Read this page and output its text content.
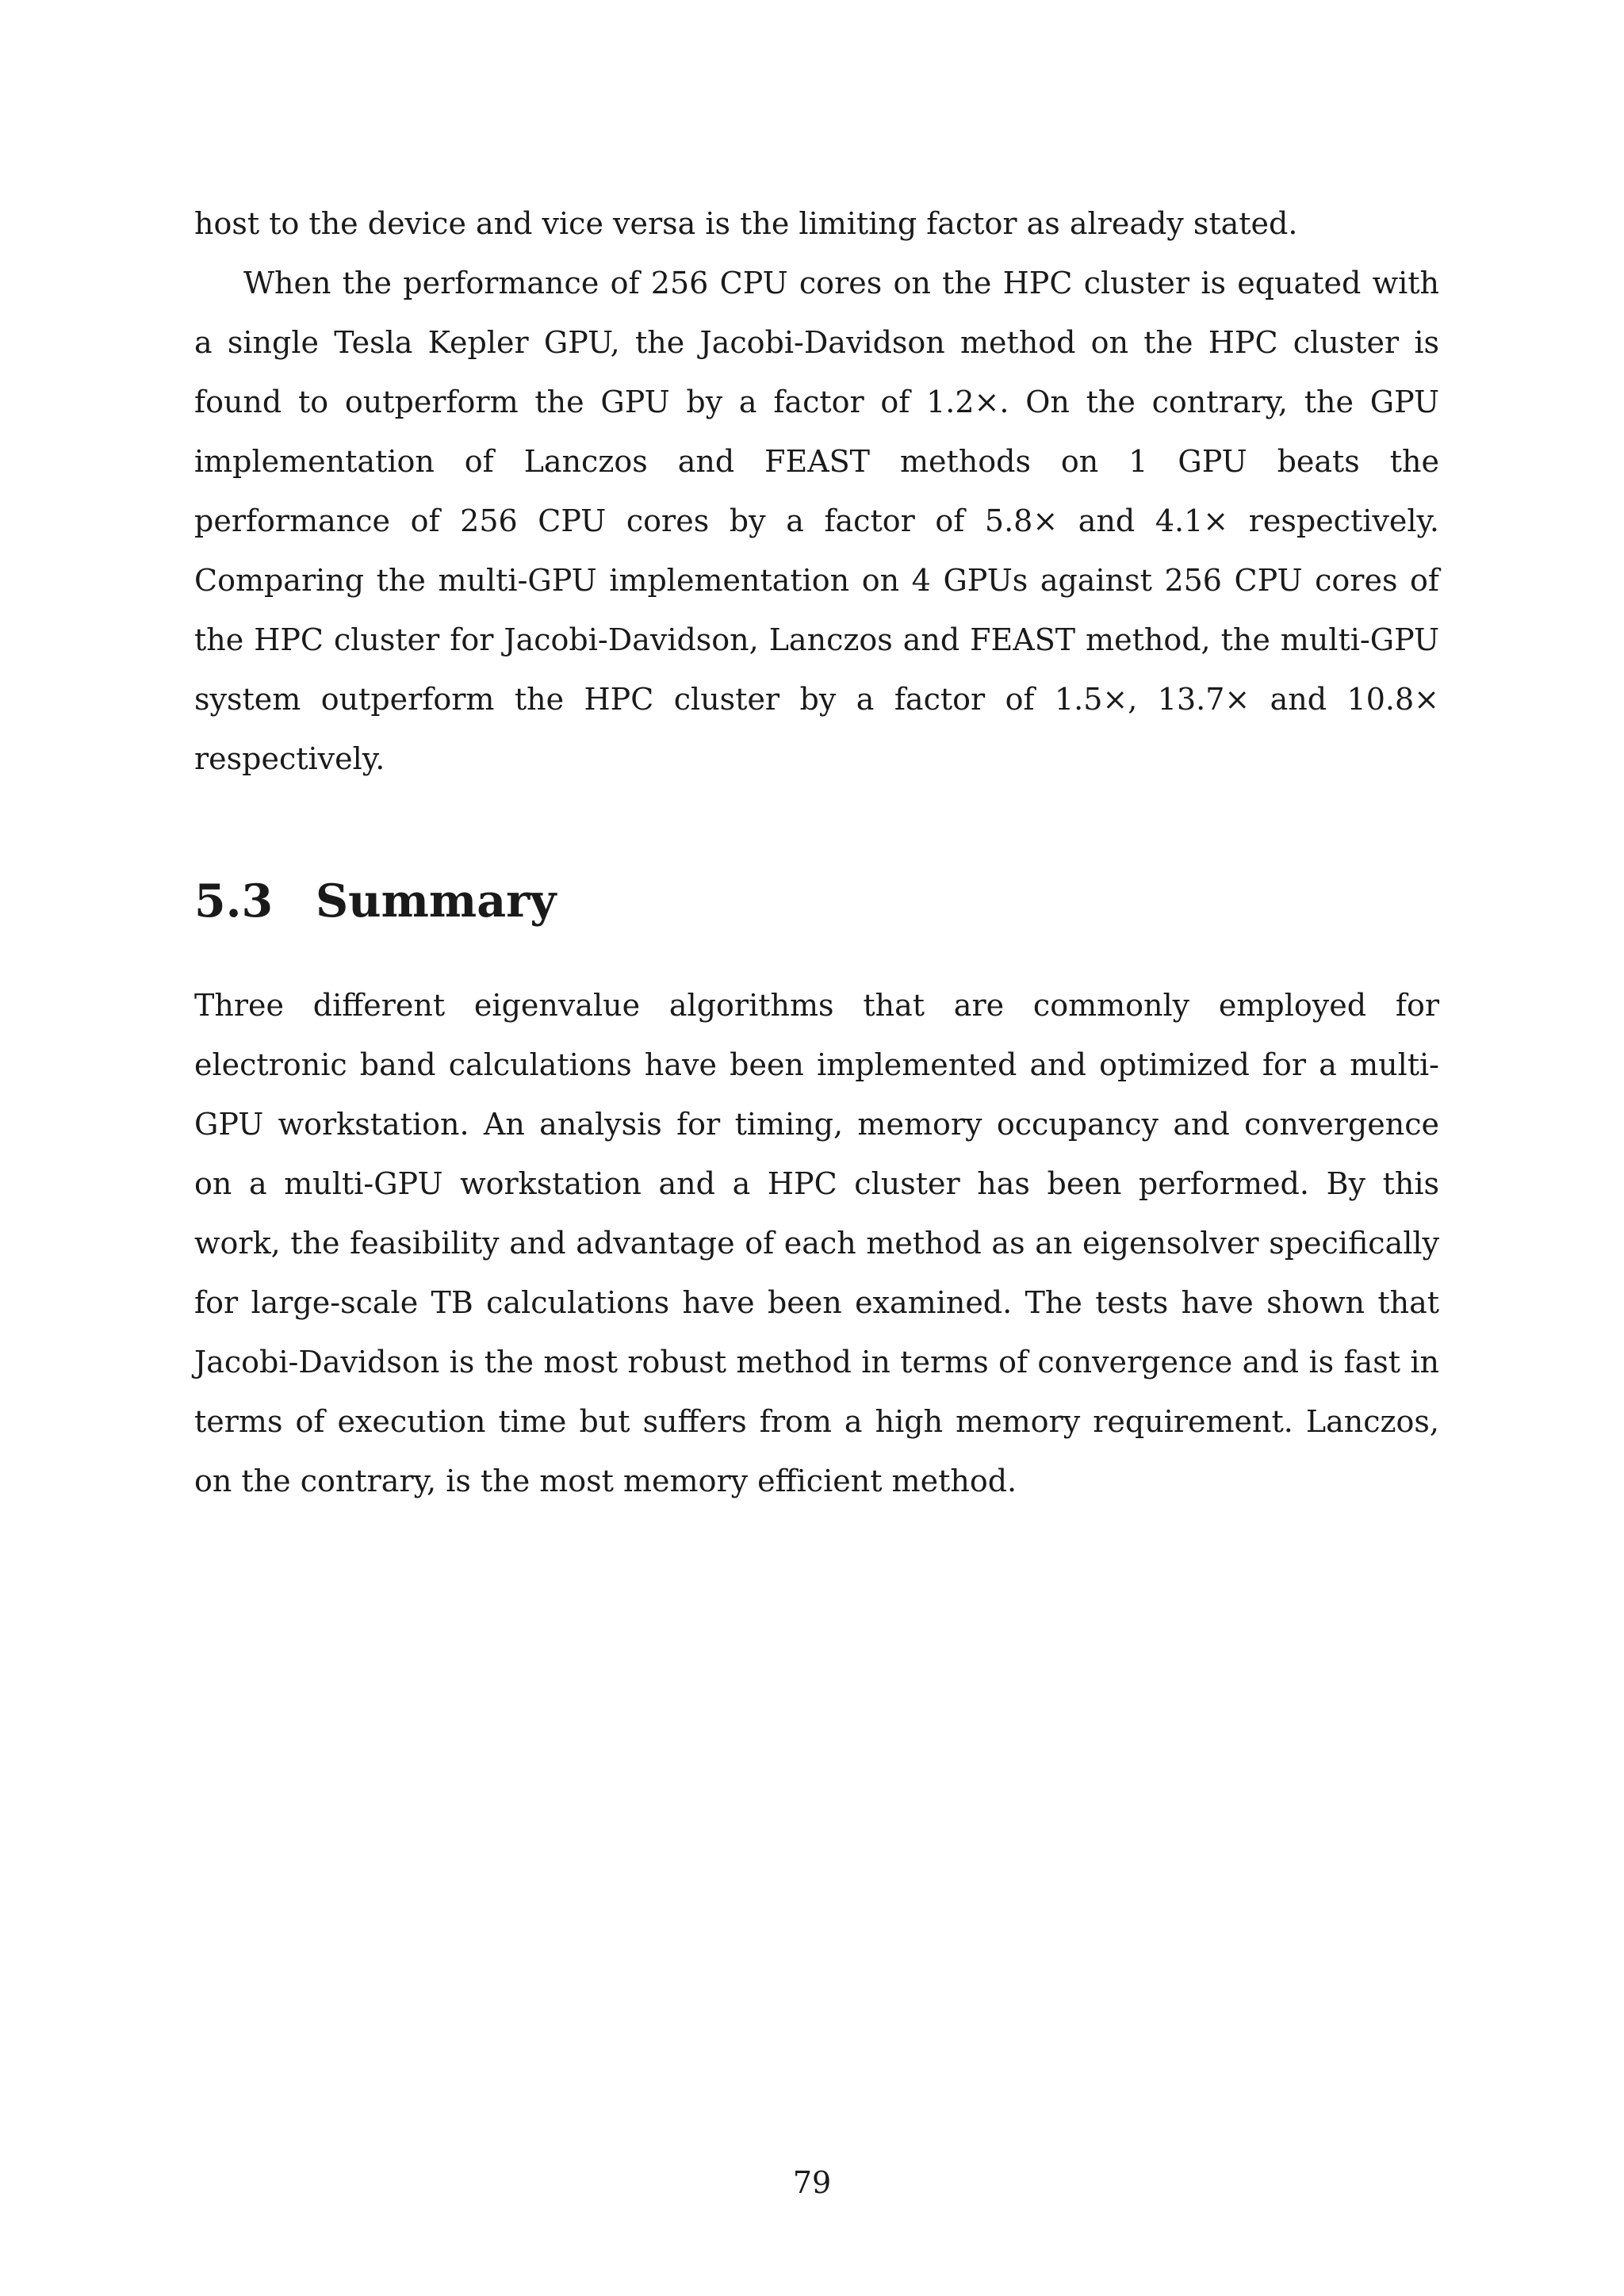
host to the device and vice versa is the limiting factor as already stated.

When the performance of 256 CPU cores on the HPC cluster is equated with a single Tesla Kepler GPU, the Jacobi-Davidson method on the HPC cluster is found to outperform the GPU by a factor of 1.2×. On the contrary, the GPU implementation of Lanczos and FEAST methods on 1 GPU beats the performance of 256 CPU cores by a factor of 5.8× and 4.1× respectively. Comparing the multi-GPU implementation on 4 GPUs against 256 CPU cores of the HPC cluster for Jacobi-Davidson, Lanczos and FEAST method, the multi-GPU system outperform the HPC cluster by a factor of 1.5×, 13.7× and 10.8× respectively.

5.3 Summary

Three different eigenvalue algorithms that are commonly employed for electronic band calculations have been implemented and optimized for a multi-GPU workstation. An analysis for timing, memory occupancy and convergence on a multi-GPU workstation and a HPC cluster has been performed. By this work, the feasibility and advantage of each method as an eigensolver specifically for large-scale TB calculations have been examined. The tests have shown that Jacobi-Davidson is the most robust method in terms of convergence and is fast in terms of execution time but suffers from a high memory requirement. Lanczos, on the contrary, is the most memory efficient method.

79
